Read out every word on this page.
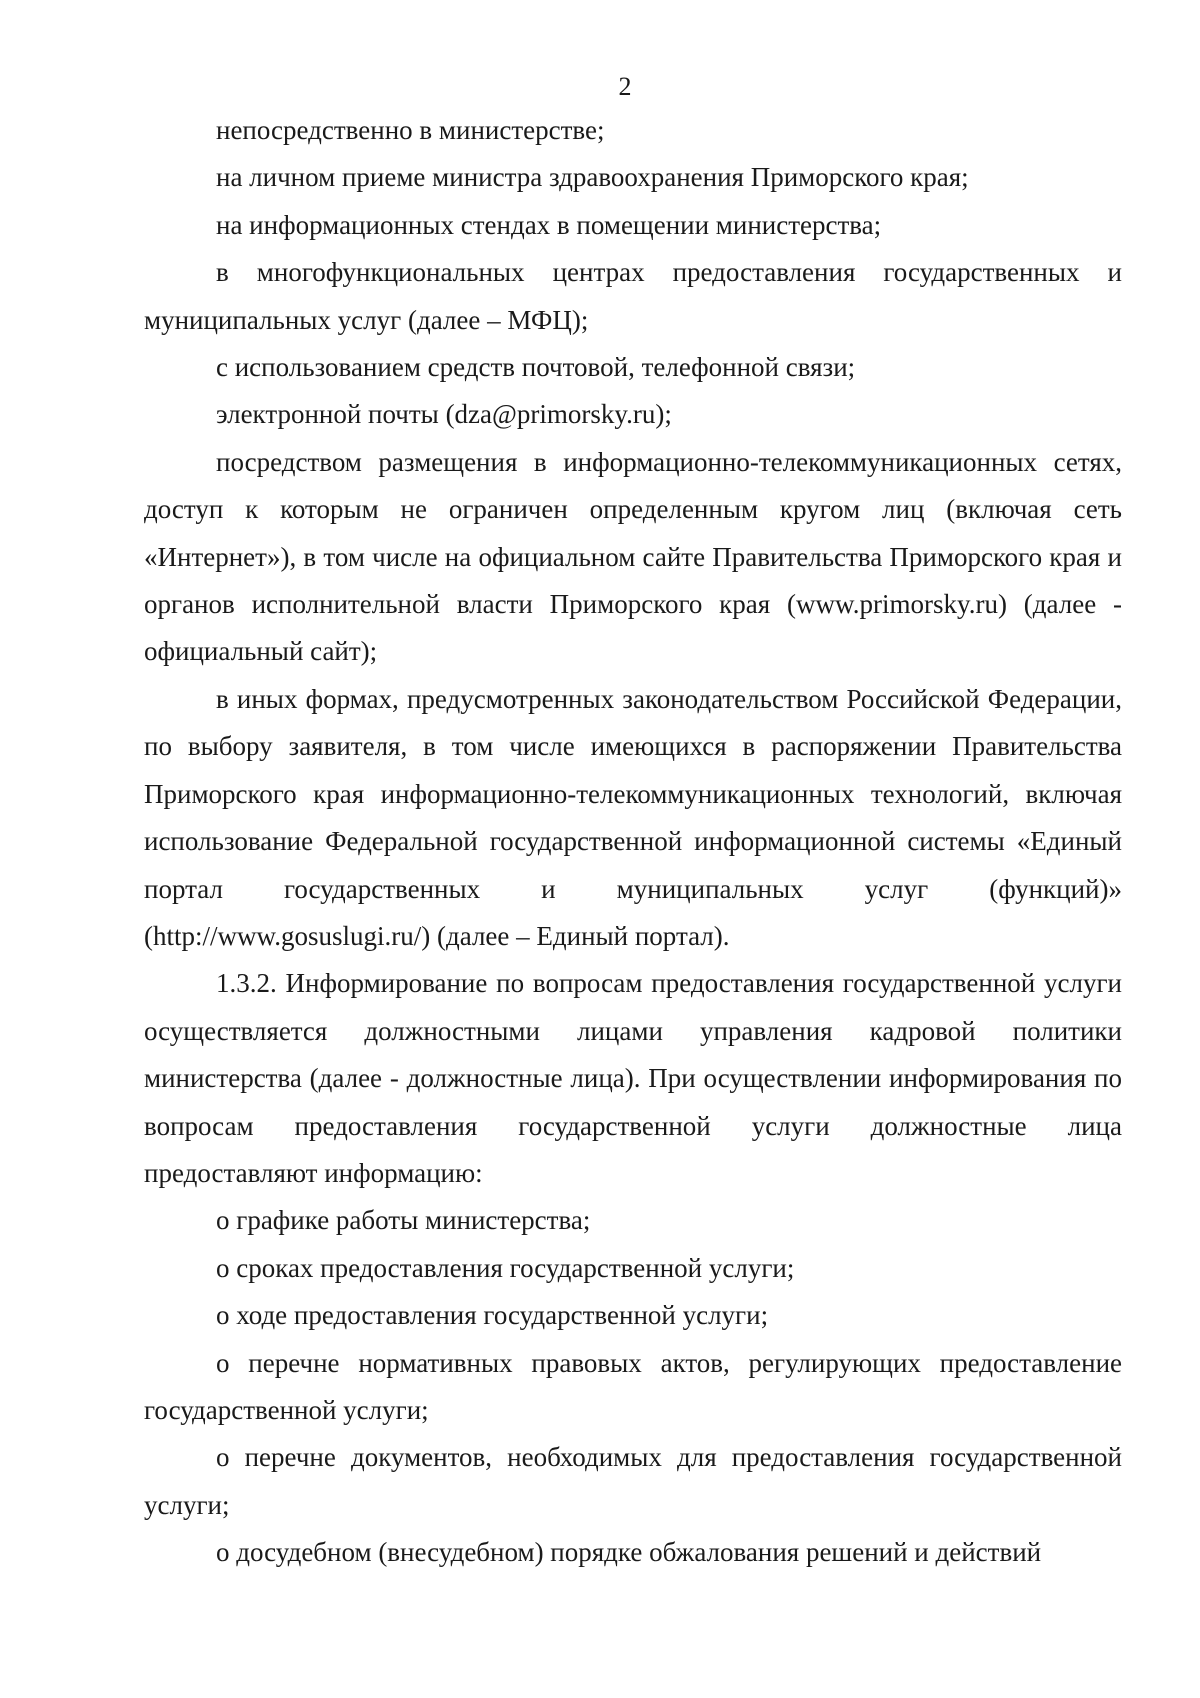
2

непосредственно в министерстве;

на личном приеме министра здравоохранения Приморского края;

на информационных стендах в помещении министерства;

в многофункциональных центрах предоставления государственных и муниципальных услуг (далее – МФЦ);

с использованием средств почтовой, телефонной связи;

электронной почты (dza@primorsky.ru);

посредством размещения в информационно-телекоммуникационных сетях, доступ к которым не ограничен определенным кругом лиц (включая сеть «Интернет»), в том числе на официальном сайте Правительства Приморского края и органов исполнительной власти Приморского края (www.primorsky.ru) (далее - официальный сайт);

в иных формах, предусмотренных законодательством Российской Федерации, по выбору заявителя, в том числе имеющихся в распоряжении Правительства Приморского края информационно-телекоммуникационных технологий, включая использование Федеральной государственной информационной системы «Единый портал государственных и муниципальных услуг (функций)» (http://www.gosuslugi.ru/) (далее – Единый портал).

1.3.2. Информирование по вопросам предоставления государственной услуги осуществляется должностными лицами управления кадровой политики министерства (далее - должностные лица). При осуществлении информирования по вопросам предоставления государственной услуги должностные лица предоставляют информацию:

о графике работы министерства;

о сроках предоставления государственной услуги;

о ходе предоставления государственной услуги;

о перечне нормативных правовых актов, регулирующих предоставление государственной услуги;

о перечне документов, необходимых для предоставления государственной услуги;

о досудебном (внесудебном) порядке обжалования решений и действий
